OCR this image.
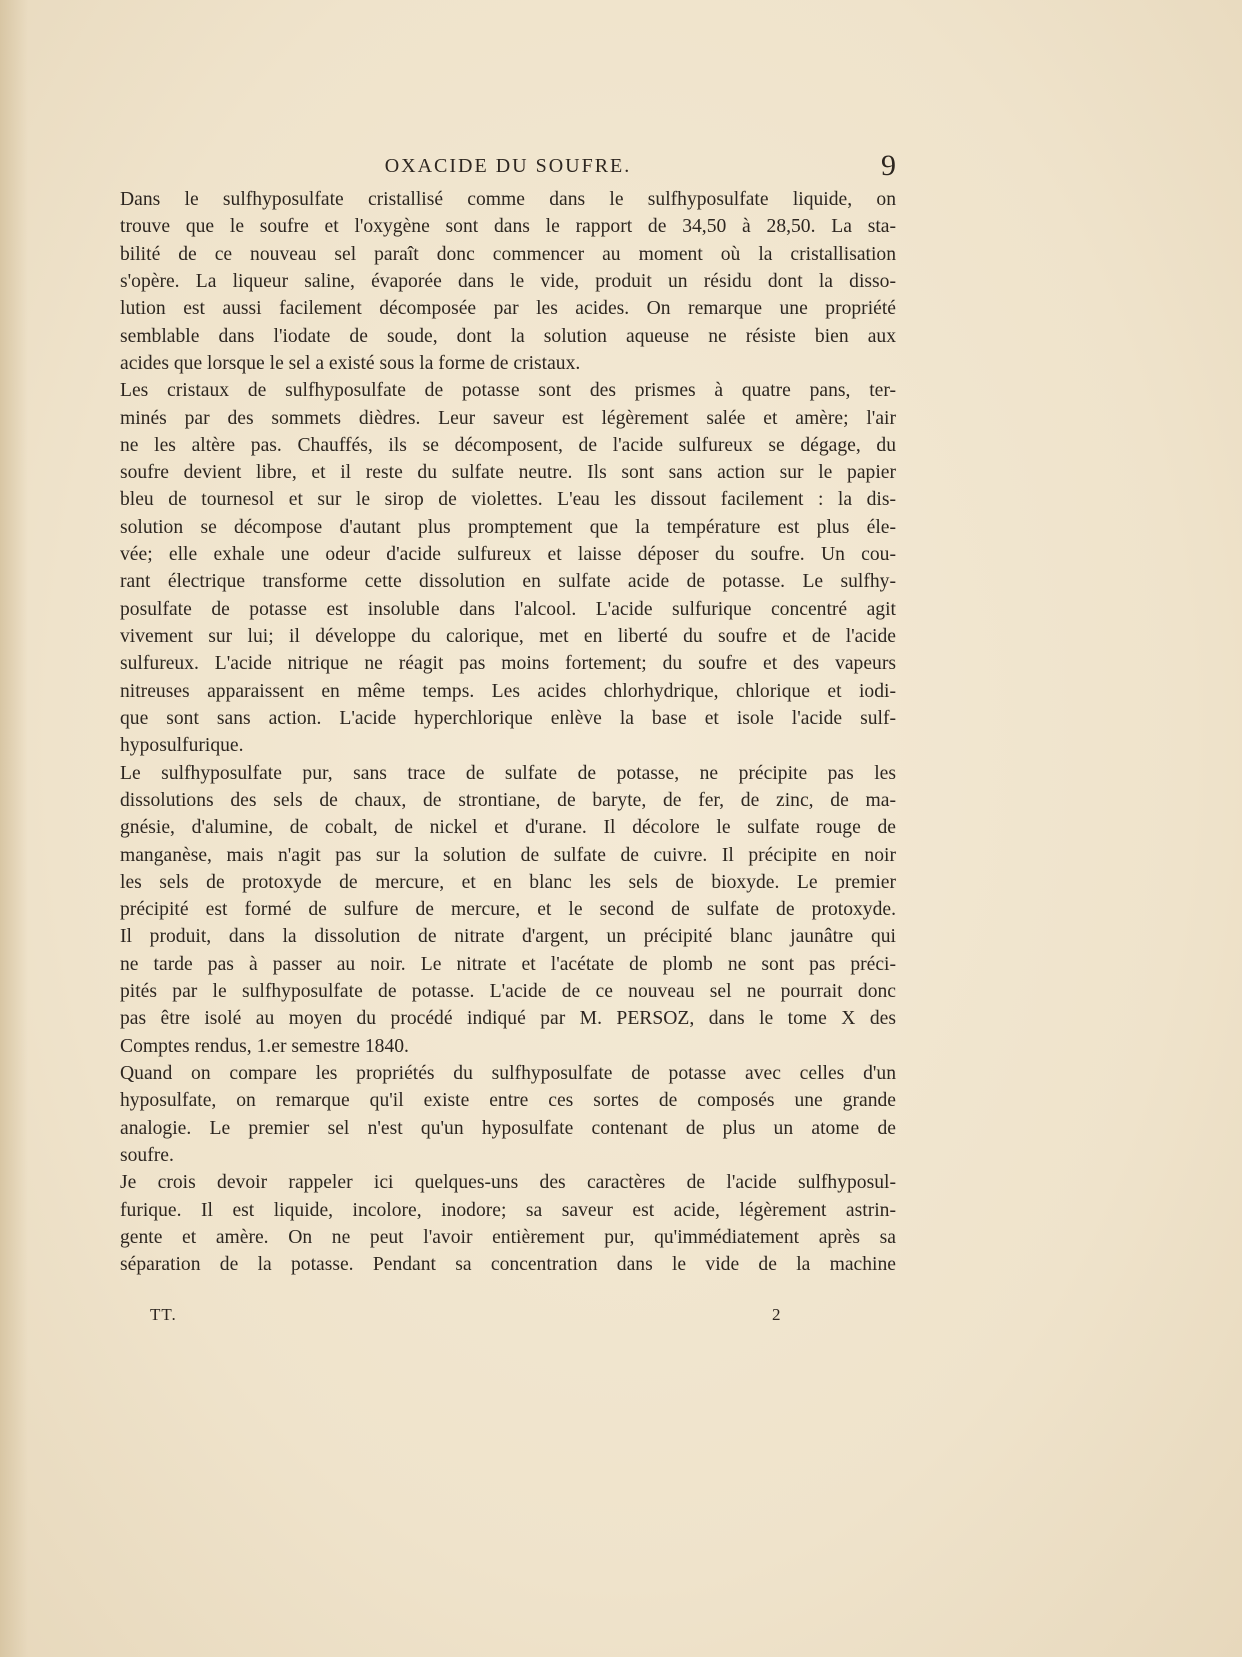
OXACIDE DU SOUFRE.	9
Dans le sulfhyposulfate cristallisé comme dans le sulfhyposulfate liquide, on
trouve que le soufre et l'oxygène sont dans le rapport de 34,50 à 28,50. La sta-
bilité de ce nouveau sel paraît donc commencer au moment où la cristallisation
s'opère. La liqueur saline, évaporée dans le vide, produit un résidu dont la disso-
lution est aussi facilement décomposée par les acides. On remarque une propriété
semblable dans l'iodate de soude, dont la solution aqueuse ne résiste bien aux
acides que lorsque le sel a existé sous la forme de cristaux.
Les cristaux de sulfhyposulfate de potasse sont des prismes à quatre pans, ter-
minés par des sommets dièdres. Leur saveur est légèrement salée et amère; l'air
ne les altère pas. Chauffés, ils se décomposent, de l'acide sulfureux se dégage, du
soufre devient libre, et il reste du sulfate neutre. Ils sont sans action sur le papier
bleu de tournesol et sur le sirop de violettes. L'eau les dissout facilement : la dis-
solution se décompose d'autant plus promptement que la température est plus éle-
vée; elle exhale une odeur d'acide sulfureux et laisse déposer du soufre. Un cou-
rant électrique transforme cette dissolution en sulfate acide de potasse. Le sulfhy-
posulfate de potasse est insoluble dans l'alcool. L'acide sulfurique concentré agit
vivement sur lui; il développe du calorique, met en liberté du soufre et de l'acide
sulfureux. L'acide nitrique ne réagit pas moins fortement; du soufre et des vapeurs
nitreuses apparaissent en même temps. Les acides chlorhydrique, chlorique et iodi-
que sont sans action. L'acide hyperchlorique enlève la base et isole l'acide sulf-
hyposulfurique.
Le sulfhyposulfate pur, sans trace de sulfate de potasse, ne précipite pas les
dissolutions des sels de chaux, de strontiane, de baryte, de fer, de zinc, de ma-
gnésie, d'alumine, de cobalt, de nickel et d'urane. Il décolore le sulfate rouge de
manganèse, mais n'agit pas sur la solution de sulfate de cuivre. Il précipite en noir
les sels de protoxyde de mercure, et en blanc les sels de bioxyde. Le premier
précipité est formé de sulfure de mercure, et le second de sulfate de protoxyde.
Il produit, dans la dissolution de nitrate d'argent, un précipité blanc jaunâtre qui
ne tarde pas à passer au noir. Le nitrate et l'acétate de plomb ne sont pas préci-
pités par le sulfhyposulfate de potasse. L'acide de ce nouveau sel ne pourrait donc
pas être isolé au moyen du procédé indiqué par M. PERSOZ, dans le tome X des
Comptes rendus, 1.er semestre 1840.
Quand on compare les propriétés du sulfhyposulfate de potasse avec celles d'un
hyposulfate, on remarque qu'il existe entre ces sortes de composés une grande
analogie. Le premier sel n'est qu'un hyposulfate contenant de plus un atome de
soufre.
Je crois devoir rappeler ici quelques-uns des caractères de l'acide sulfhyposul-
furique. Il est liquide, incolore, inodore; sa saveur est acide, légèrement astrin-
gente et amère. On ne peut l'avoir entièrement pur, qu'immédiatement après sa
séparation de la potasse. Pendant sa concentration dans le vide de la machine
TT.	2
